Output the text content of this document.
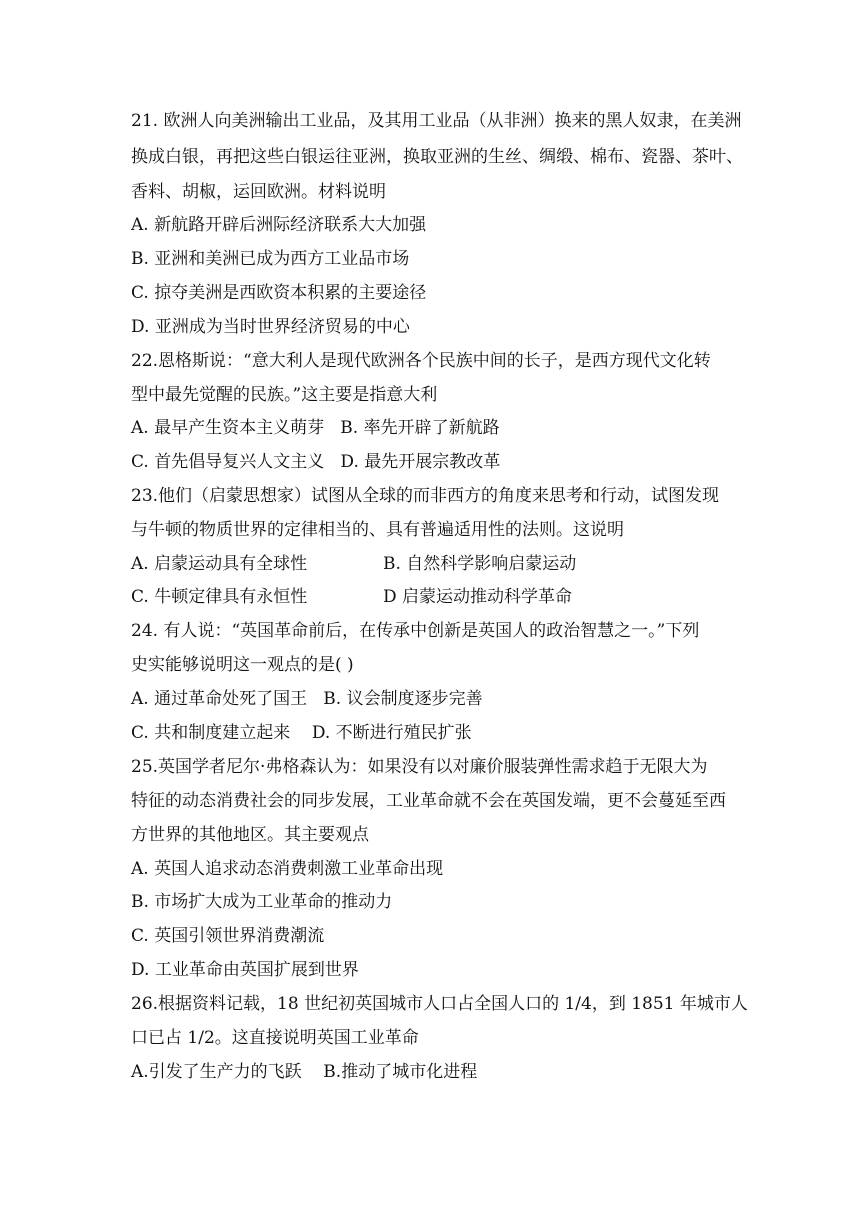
21. 欧洲人向美洲输出工业品，及其用工业品（从非洲）换来的黑人奴隶，在美洲
换成白银，再把这些白银运往亚洲，换取亚洲的生丝、绸缎、棉布、瓷器、茶叶、
香料、胡椒，运回欧洲。材料说明
A. 新航路开辟后洲际经济联系大大加强
B. 亚洲和美洲已成为西方工业品市场
C. 掠夺美洲是西欧资本积累的主要途径
D. 亚洲成为当时世界经济贸易的中心
22.恩格斯说：“意大利人是现代欧洲各个民族中间的长子，是西方现代文化转
型中最先觉醒的民族。”这主要是指意大利
A. 最早产生资本主义萌芽   B. 率先开辟了新航路
C. 首先倡导复兴人文主义   D. 最先开展宗教改革
23.他们（启蒙思想家）试图从全球的而非西方的角度来思考和行动，试图发现
与牛顿的物质世界的定律相当的、具有普遍适用性的法则。这说明
A. 启蒙运动具有全球性	B. 自然科学影响启蒙运动
C. 牛顿定律具有永恒性	D 启蒙运动推动科学革命
24. 有人说：“英国革命前后，在传承中创新是英国人的政治智慧之一。”下列
史实能够说明这一观点的是( )
A. 通过革命处死了国王   B. 议会制度逐步完善
C. 共和制度建立起来    D. 不断进行殖民扩张
25.英国学者尼尔·弗格森认为：如果没有以对廉价服装弹性需求趋于无限大为
特征的动态消费社会的同步发展，工业革命就不会在英国发端，更不会蔓延至西
方世界的其他地区。其主要观点
A. 英国人追求动态消费刺激工业革命出现
B. 市场扩大成为工业革命的推动力
C. 英国引领世界消费潮流
D. 工业革命由英国扩展到世界
26.根据资料记载，18 世纪初英国城市人口占全国人口的 1/4，到 1851 年城市人
口已占 1/2。这直接说明英国工业革命
A.引发了生产力的飞跃    B.推动了城市化进程
